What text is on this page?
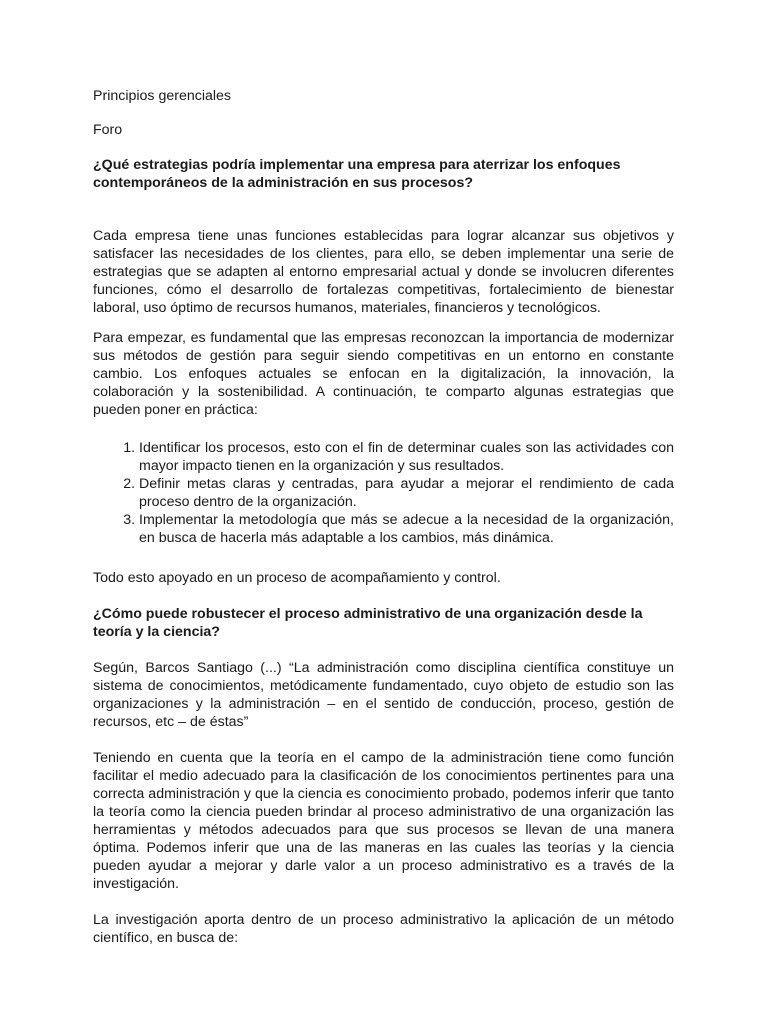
Principios gerenciales

Foro

¿Qué estrategias podría implementar una empresa para aterrizar los enfoques contemporáneos de la administración en sus procesos?

Cada empresa tiene unas funciones establecidas para lograr alcanzar sus objetivos y satisfacer las necesidades de los clientes, para ello, se deben implementar una serie de estrategias que se adapten al entorno empresarial actual y donde se involucren diferentes funciones, cómo el desarrollo de fortalezas competitivas, fortalecimiento de bienestar laboral, uso óptimo de recursos humanos, materiales, financieros y tecnológicos.

Para empezar, es fundamental que las empresas reconozcan la importancia de modernizar sus métodos de gestión para seguir siendo competitivas en un entorno en constante cambio. Los enfoques actuales se enfocan en la digitalización, la innovación, la colaboración y la sostenibilidad. A continuación, te comparto algunas estrategias que pueden poner en práctica:

1. Identificar los procesos, esto con el fin de determinar cuales son las actividades con mayor impacto tienen en la organización y sus resultados.
2. Definir metas claras y centradas, para ayudar a mejorar el rendimiento de cada proceso dentro de la organización.
3. Implementar la metodología que más se adecue a la necesidad de la organización, en busca de hacerla más adaptable a los cambios, más dinámica.

Todo esto apoyado en un proceso de acompañamiento y control.

¿Cómo puede robustecer el proceso administrativo de una organización desde la teoría y la ciencia?

Según, Barcos Santiago (...) “La administración como disciplina científica constituye un sistema de conocimientos, metódicamente fundamentado, cuyo objeto de estudio son las organizaciones y la administración – en el sentido de conducción, proceso, gestión de recursos, etc – de éstas”

Teniendo en cuenta que la teoría en el campo de la administración tiene como función facilitar el medio adecuado para la clasificación de los conocimientos pertinentes para una correcta administración y que la ciencia es conocimiento probado, podemos inferir que tanto la teoría como la ciencia pueden brindar al proceso administrativo de una organización las herramientas y métodos adecuados para que sus procesos se llevan de una manera óptima. Podemos inferir que una de las maneras en las cuales las teorías y la ciencia pueden ayudar a mejorar y darle valor a un proceso administrativo es a través de la investigación.

La investigación aporta dentro de un proceso administrativo la aplicación de un método científico, en busca de:
